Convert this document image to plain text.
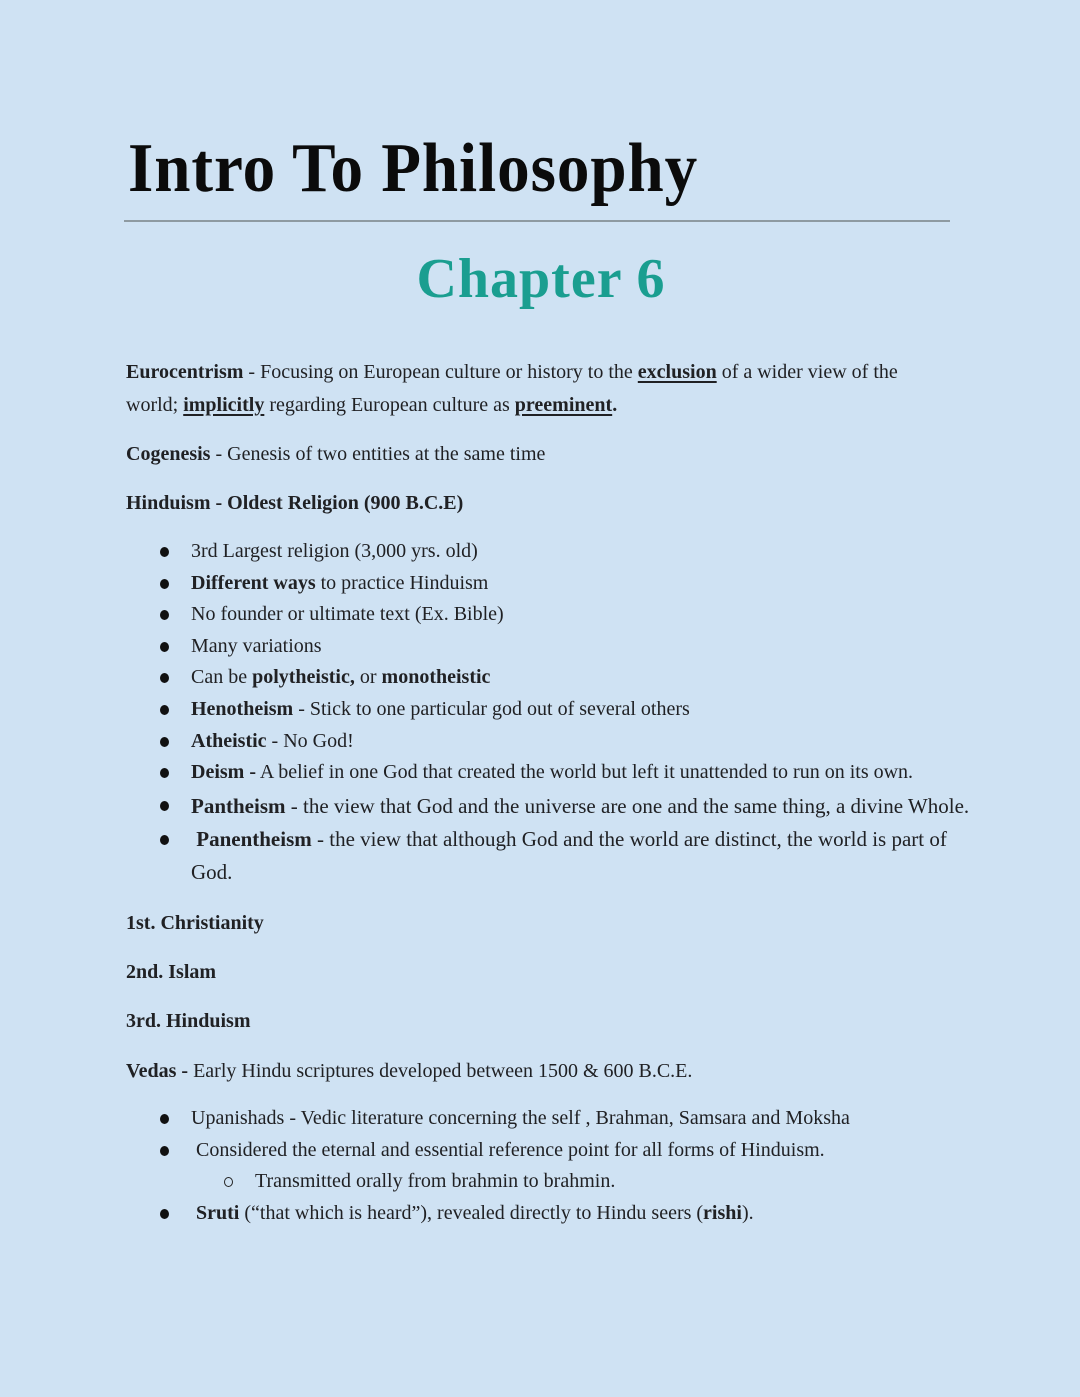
Intro To Philosophy
Chapter 6

Eurocentrism - Focusing on European culture or history to the exclusion of a wider view of the
world; implicitly regarding European culture as preeminent.

Cogenesis - Genesis of two entities at the same time

Hinduism - Oldest Religion (900 B.C.E)

3rd Largest religion (3,000 yrs. old)
Different ways to practice Hinduism
No founder or ultimate text (Ex. Bible)
Many variations
Can be polytheistic, or monotheistic
Henotheism - Stick to one particular god out of several others
Atheistic - No God!
Deism - A belief in one God that created the world but left it unattended to run on its own.
Pantheism - the view that God and the universe are one and the same thing, a divine Whole.
Panentheism - the view that although God and the world are distinct, the world is part of God.

1st. Christianity

2nd. Islam

3rd. Hinduism

Vedas - Early Hindu scriptures developed between 1500 & 600 B.C.E.

Upanishads - Vedic literature concerning the self , Brahman, Samsara and Moksha
Considered the eternal and essential reference point for all forms of Hinduism.
Transmitted orally from brahmin to brahmin.
Sruti (“that which is heard”), revealed directly to Hindu seers (rishi).
